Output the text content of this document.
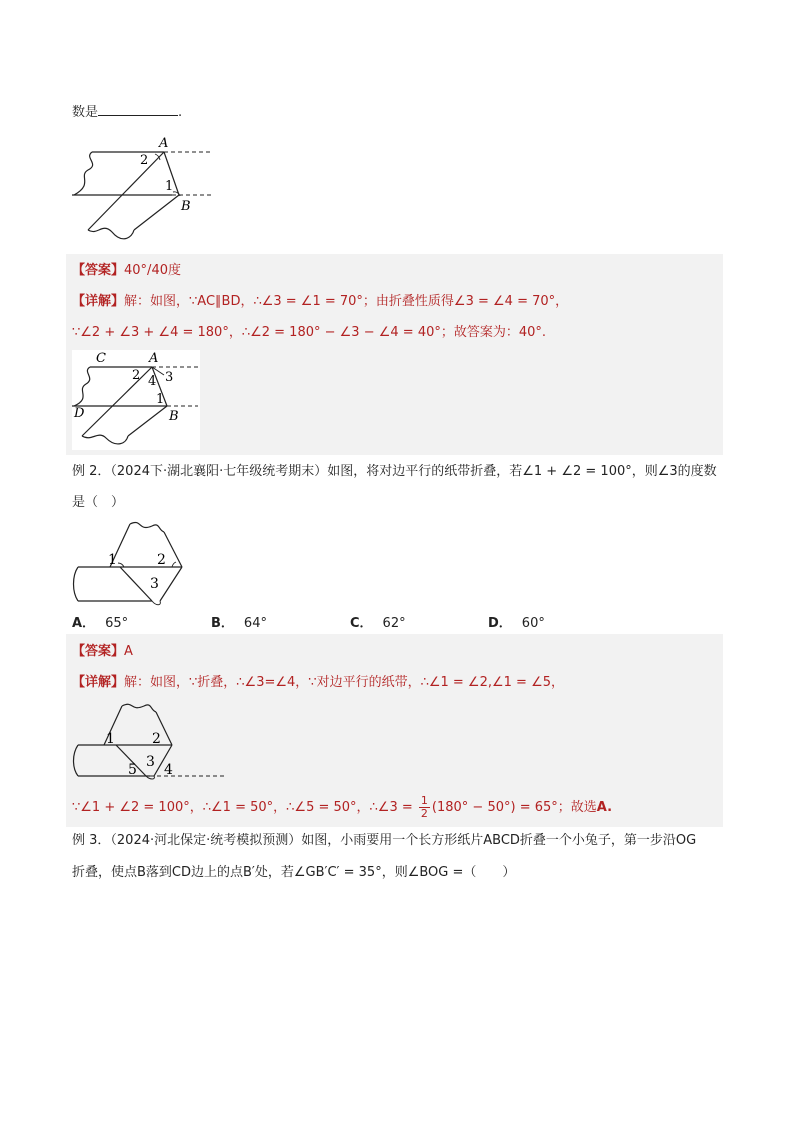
数是	.
A
B
1
2
【答案】40°/40度
【详解】解：如图，∵AC∥BD，∴∠3 = ∠1 = 70°；由折叠性质得∠3 = ∠4 = 70°，
∵∠2 + ∠3 + ∠4 = 180°，∴∠2 = 180° − ∠3 − ∠4 = 40°；故答案为：40°.
C	A
D	B
1
2 3
4
例 2．（2024下·湖北襄阳·七年级统考期末）如图，将对边平行的纸带折叠，若∠1 + ∠2 = 100°，则∠3的度数
是（　）
1	2
3
A． 65°	B． 64°	C． 62°	D． 60°
【答案】A
【详解】解：如图，∵折叠，∴∠3=∠4，∵对边平行的纸带，∴∠1 = ∠2,∠1 = ∠5，
1	2
3 4
5
∵∠1 + ∠2 = 100°，∴∠1 = 50°，∴∠5 = 50°，∴∠3 = $\frac{1}{2} (180^\circ - 50^\circ) = 65^\circ$；故选A.
例 3．（2024·河北保定·统考模拟预测）如图，小雨要用一个长方形纸片ABCD折叠一个小兔子，第一步沿OG
折叠，使点B落到CD边上的点B′处，若∠GB′C′ = 35°，则∠BOG =（　　）
